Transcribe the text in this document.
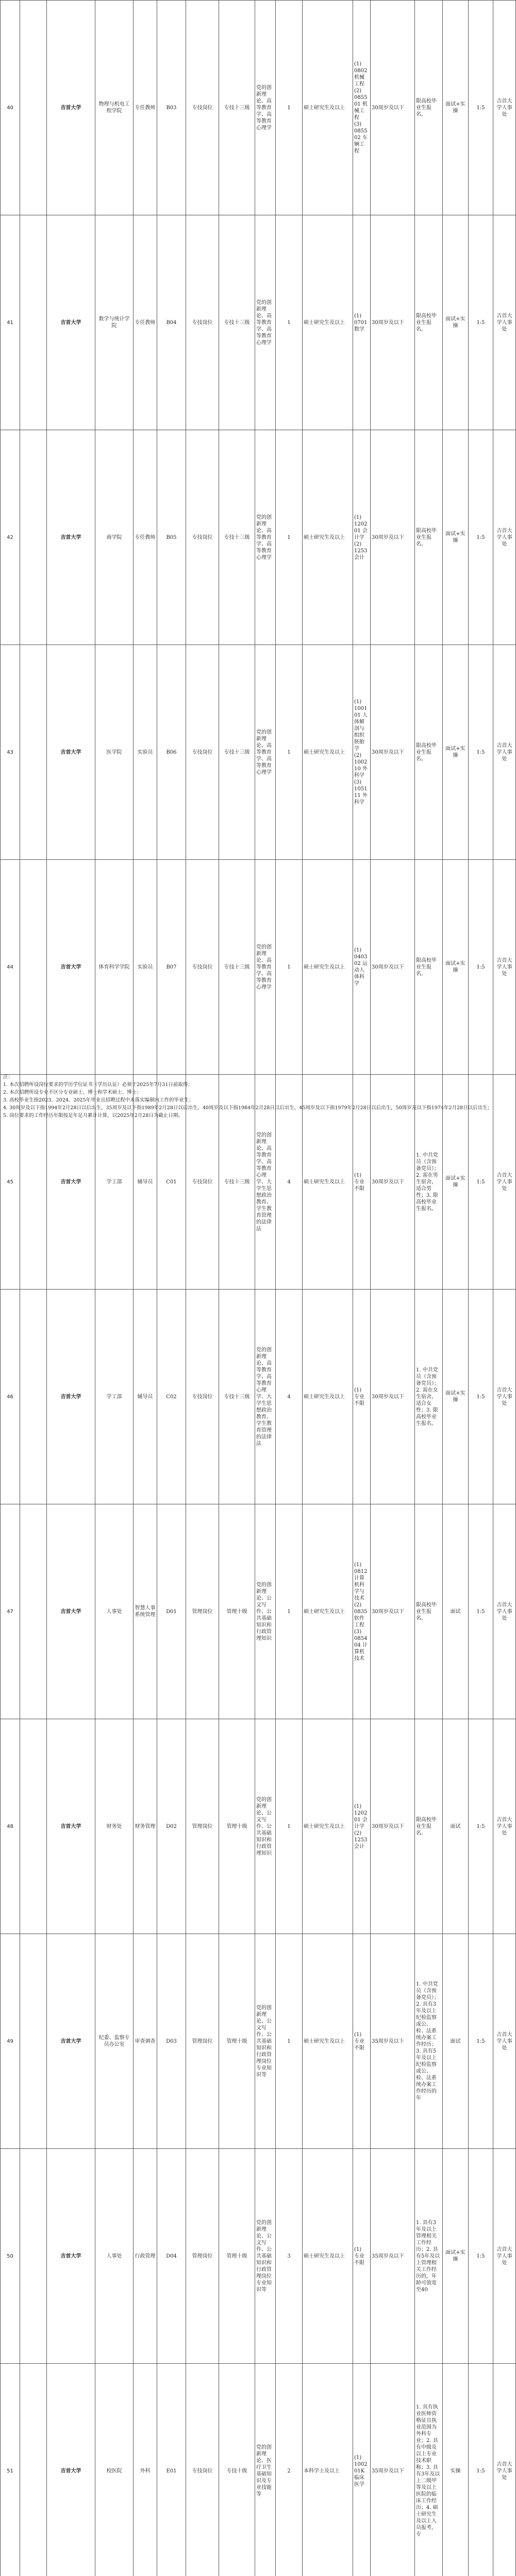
40		吉首大学	物理与机电工程学院	专任教师	B03	专技岗位	专技十三级	党的创新理论、高等教育学、高等教育心理学	1	硕士研究生及以上	(1)　0802 机械工程
(2)　085501 机械工程
(3)　085502 车辆工程	30周岁及以下	限高校毕业生报名。	面试+实操	1:5	吉首大学人事处	

41		吉首大学	数学与统计学院	专任教师	B04	专技岗位	专技十三级	党的创新理论、高等教育学、高等教育心理学	1	硕士研究生及以上	(1)　0701 数学	30周岁及以下	限高校毕业生报名。	面试+实操	1:5	吉首大学人事处	

42		吉首大学	商学院	专任教师	B05	专技岗位	专技十三级	党的创新理论、高等教育学、高等教育心理学	1	硕士研究生及以上	(1)　120201 会计学
(2)　1253 会计	30周岁及以下	限高校毕业生报名。	面试+实操	1:5	吉首大学人事处	

43		吉首大学	医学院	实验员	B06	专技岗位	专技十三级	党的创新理论、高等教育学、高等教育心理学	1	硕士研究生及以上	(1)　100101 人体解剖与组织胚胎学
(2)　100210 外科学
(3)　105111 外科学	30周岁及以下	限高校毕业生报名。	面试+实操	1:5	吉首大学人事处	

44		吉首大学	体育科学学院	实验员	B07	专技岗位	专技十三级	党的创新理论、高等教育学、高等教育心理学	1	硕士研究生及以上	(1)　040302 运动人体科学	30周岁及以下	限高校毕业生报名。	面试+实操	1:5	吉首大学人事处	

45		吉首大学	学工部	辅导员	C01	专技岗位	专技十三级	党的创新理论、高等教育学、高等教育心理学、大学生思想政治教育、学生教育管理的法律法	4	硕士研究生及以上	(1)　专业不限	30周岁及以下	1. 中共党员（含预备党员）；2. 需在男生宿舍，适合男性；3. 限高校毕业生报名。	面试+实操	1:5	吉首大学人事处	

46		吉首大学	学工部	辅导员	C02	专技岗位	专技十三级	党的创新理论、高等教育学、高等教育心理学、大学生思想政治教育、学生教育管理的法律法	4	硕士研究生及以上	(1)　专业不限	30周岁及以下	1. 中共党员（含预备党员）；2. 需在女生宿舍，适合女性；3. 限高校毕业生报名。	面试+实操	1:5	吉首大学人事处	

47		吉首大学	人事处	智慧人事系统管理	D01	管理岗位	管理十级	党的创新理论、公文写作、公共基础知识和行政管理知识	1	硕士研究生及以上	(1)　0812 计算机科学与技术
(2)　0835 软件工程
(3)　085404 计算机技术	30周岁及以下	限高校毕业生报名。	面试	1:5	吉首大学人事处	

48		吉首大学	财务处	财务管理	D02	管理岗位	管理十级	党的创新理论、公文写作、公共基础知识和行政管理知识	1	硕士研究生及以上	(1)　120201 会计学
(2)　1253 会计	30周岁及以下	限高校毕业生报名。	面试	1:5	吉首大学人事处	

49		吉首大学	纪委、监察专员办公室	审查调查	D03	管理岗位	管理十级	党的创新理论、公文写作、公共基础知识和行政管理岗位专业知识等	1	硕士研究生及以上	(1)　专业不限	35周岁及以下	1. 中共党员（含预备党员）；2. 具有3年及以上纪检监察或公、检、法系统办案工作经历；3. 具有5年及以上纪检监察或公、检、法系统办案工作经历的年	面试	1:5	吉首大学人事处	

50		吉首大学	人事处	行政管理	D04	管理岗位	管理十级	党的创新理论、公文写作、公共基础知识和行政管理岗位专业知识等	3	硕士研究生及以上	(1)　专业不限	35周岁及以下	1. 具有3年及以上管理相关工作经历；2. 具有5年及以上管理相关工作经历的，年龄可放宽至40	面试+实操	1:5	吉首大学人事处	

51		吉首大学	校医院	外科	E01	专技岗位	专技十级	党的创新理论、医疗卫生基础知识及专业技能等	2	本科学士及以上	(1)　100201K 临床医学	35周岁及以下	1. 具有执业医师资格证且执业范围为外科专业；2. 具有中级及以上专业技术职称；3. 具有3年及以上二级甲等及以上医院的临床工作经历；4. 硕士研究生及以上人员报考，专	实操	1:5	吉首大学人事处	

注：
1. 本次招聘所设岗位要求的学历学位证书（学历认证）必须于2025年7月31日前取得；
2. 本次招聘所设专业不区分专业硕士、博士和学术硕士、博士；
3. 高校毕业生指2023、2024、2025年毕业且招聘过程中未落实编制内工作的毕业生；
4. 30周岁及以下指1994年2月28日以后出生，35周岁及以下指1989年2月28日以后出生，40周岁及以下指1984年2月28日以后出生，45周岁及以下指1979年2月28日以后出生，50周岁及以下指1974年2月28日以后出生；
5. 岗位要求的工作经历年限按足年足月累计计算，以2025年2月28日为截止日期。
